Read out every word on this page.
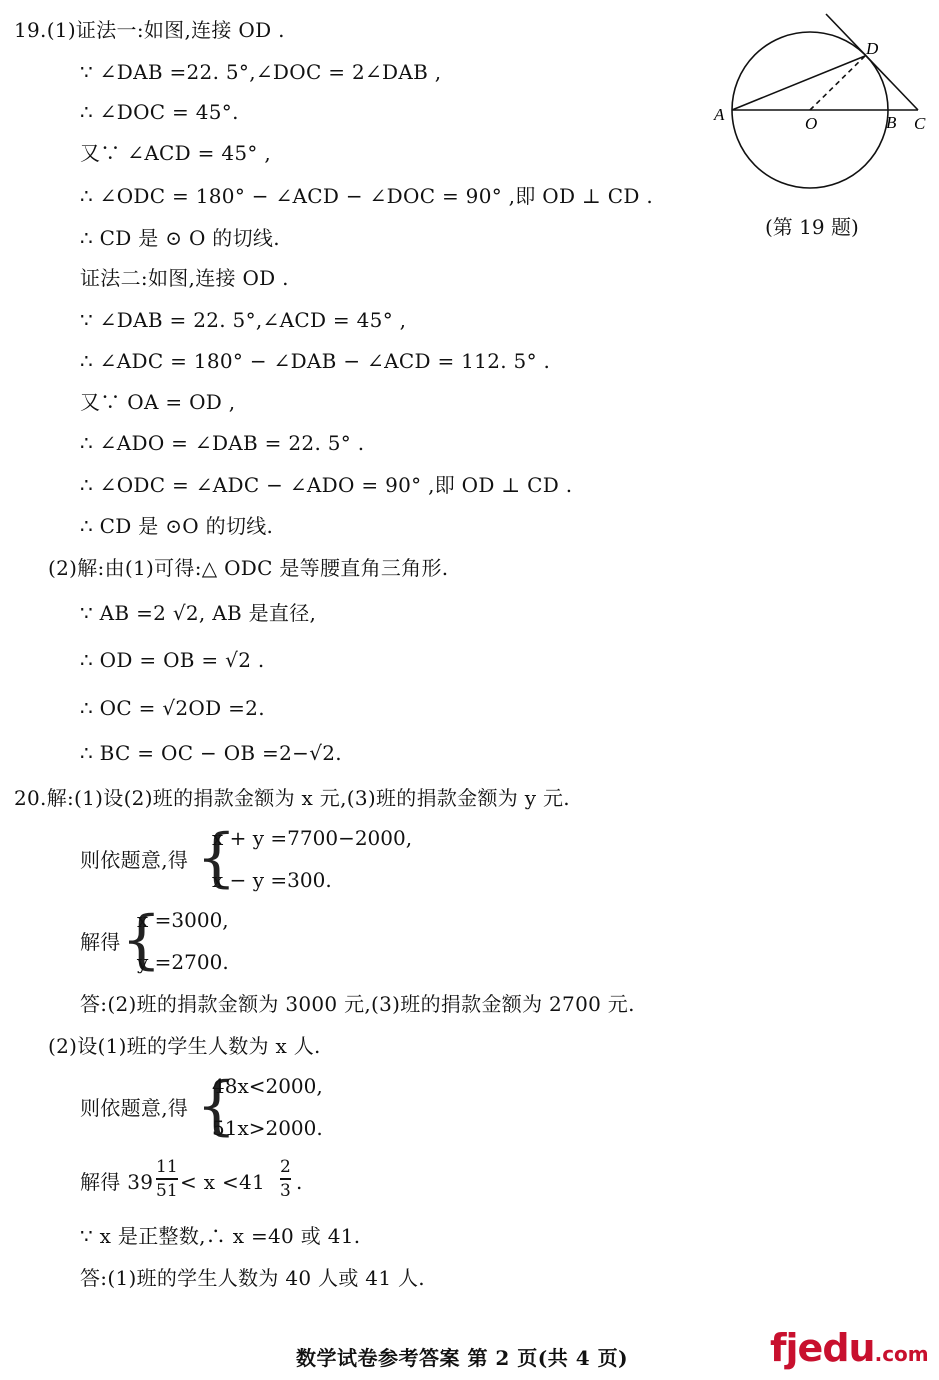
A	O	B C
D
(第 19 题)
19.(1)证法一:如图,连接 OD .
∵ ∠DAB =22. 5°,∠DOC = 2∠DAB ,
∴ ∠DOC = 45°.
又∵ ∠ACD = 45° ,
∴ ∠ODC = 180° − ∠ACD − ∠DOC = 90° ,即 OD ⊥ CD .
∴ CD 是 ⊙ O 的切线.
证法二:如图,连接 OD .
∵ ∠DAB = 22. 5°,∠ACD = 45° ,
∴ ∠ADC = 180° − ∠DAB − ∠ACD = 112. 5° .
又∵ OA = OD ,
∴ ∠ADO = ∠DAB = 22. 5° .
∴ ∠ODC = ∠ADC − ∠ADO = 90° ,即 OD ⊥ CD .
∴ CD 是 ⊙O 的切线.
(2)解:由(1)可得:△ ODC 是等腰直角三角形.
∵ AB =2 √2, AB 是直径,
∴ OD = OB = √2 .
∴ OC = √2OD =2.
∴ BC = OC − OB =2−√2.
20.解:(1)设(2)班的捐款金额为 x 元,(3)班的捐款金额为 y 元.
则依题意,得 {
x + y =7700−2000,
x − y =300.
解得 {
x =3000,
y =2700.
答:(2)班的捐款金额为 3000 元,(3)班的捐款金额为 2700 元.
(2)设(1)班的学生人数为 x 人.
则依题意,得 {
48x<2000,
51x>2000.
解得 39
11
51 < x <41
2
3 .
∵ x 是正整数,∴ x =40 或 41.
答:(1)班的学生人数为 40 人或 41 人.
数学试卷参考答案 第 2 页(共 4 页)	fjedu.com
